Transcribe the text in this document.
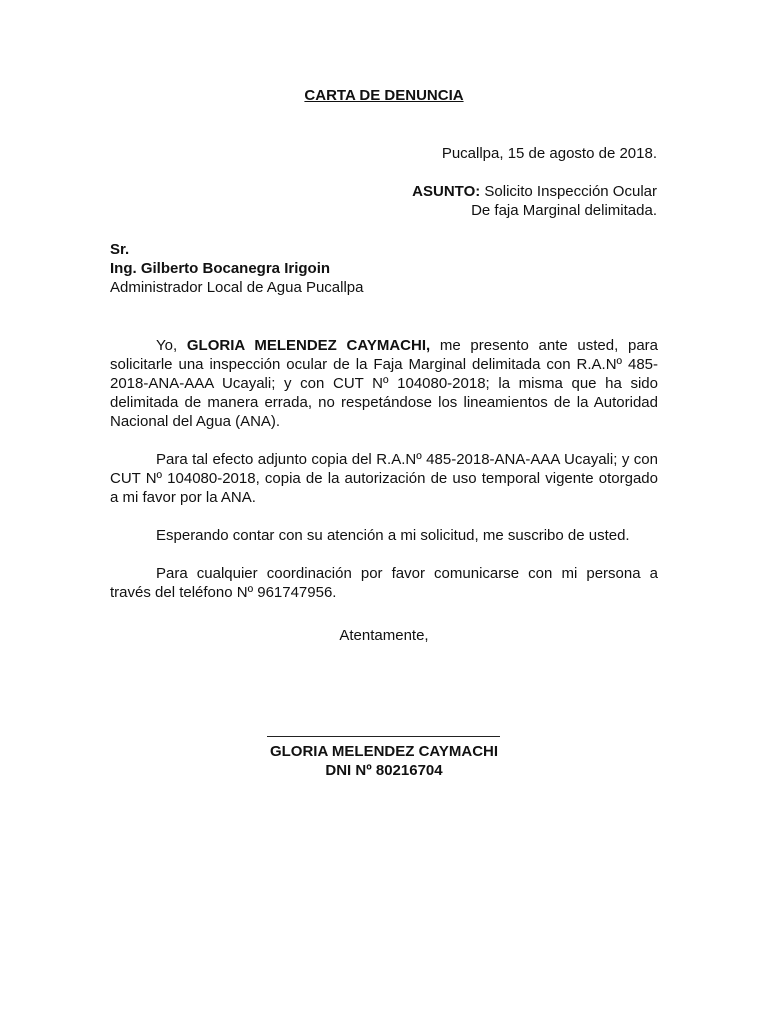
CARTA DE DENUNCIA
Pucallpa, 15 de agosto de 2018.
ASUNTO: Solicito Inspección Ocular
De faja Marginal delimitada.
Sr.
Ing. Gilberto Bocanegra Irigoin
Administrador Local de Agua Pucallpa

Yo, GLORIA MELENDEZ CAYMACHI, me presento ante usted, para solicitarle una inspección ocular de la Faja Marginal delimitada con R.A.Nº 485-2018-ANA-AAA Ucayali; y con CUT Nº 104080-2018; la misma que ha sido delimitada de manera errada, no respetándose los lineamientos de la Autoridad Nacional del Agua (ANA).

Para tal efecto adjunto copia del R.A.Nº 485-2018-ANA-AAA Ucayali; y con CUT Nº 104080-2018, copia de la autorización de uso temporal vigente otorgado a mi favor por la ANA.

Esperando contar con su atención a mi solicitud, me suscribo de usted.

Para cualquier coordinación por favor comunicarse con mi persona a través del teléfono Nº 961747956.

Atentamente,
GLORIA MELENDEZ CAYMACHI
DNI Nº 80216704
